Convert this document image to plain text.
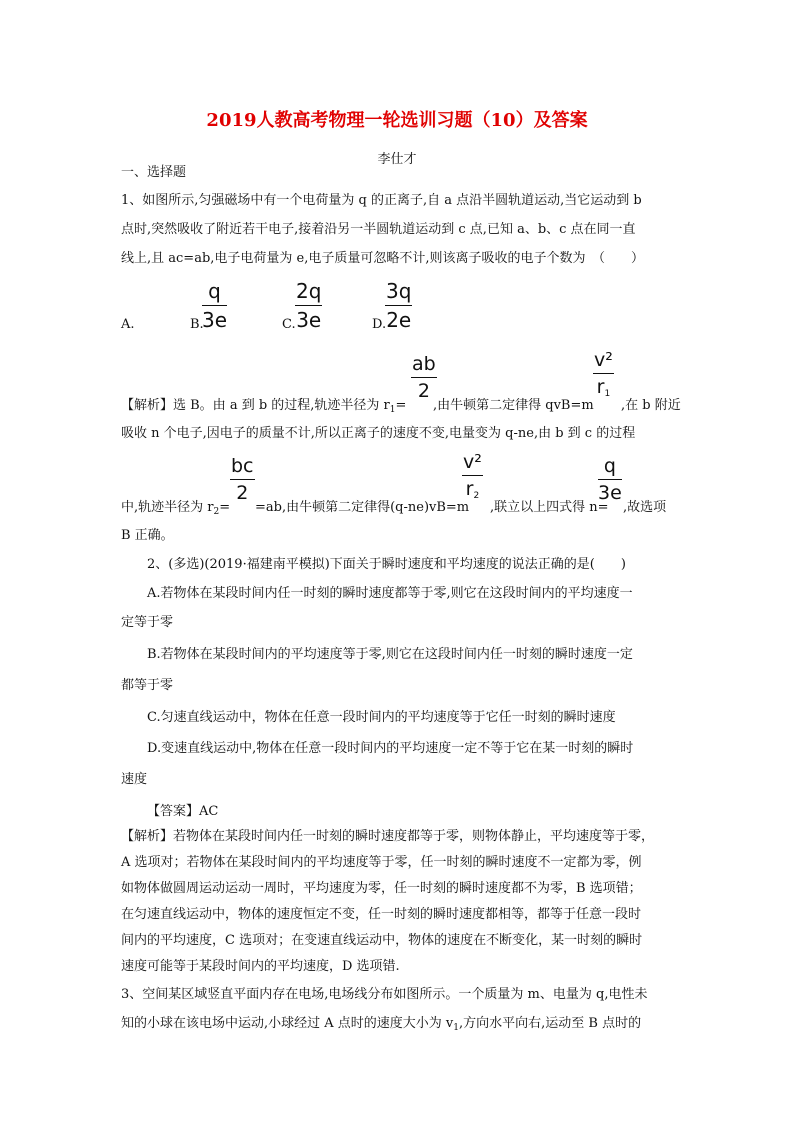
2019人教高考物理一轮选训习题（10）及答案
李仕才
一、选择题
1、如图所示,匀强磁场中有一个电荷量为 q 的正离子,自 a 点沿半圆轨道运动,当它运动到 b
点时,突然吸收了附近若干电子,接着沿另一半圆轨道运动到 c 点,已知 a、b、c 点在同一直
线上,且 ac=ab,电子电荷量为 e,电子质量可忽略不计,则该离子吸收的电子个数为　（　　）
A.	B.
$\frac{q}{3e}$	C. $\frac{2q}{3e}$	D.
$\frac{3q}{2e}$
【解析】选 B。由 a 到 b 的过程,轨迹半径为 $r_1=$
$\frac{ab}{2}$
,由牛顿第二定律得 qvB=m
$\frac{\text{v²}}{r_1}$
,在 b 附近
吸收 n 个电子,因电子的质量不计,所以正离子的速度不变,电量变为 q-ne,由 b 到 c 的过程
中,轨迹半径为 $r_2=$
$\frac{bc}{2}$
=ab,由牛顿第二定律得(q-ne)vB=m
$\frac{\text{v²}}{r_2}$
,联立以上四式得 n=
$\frac{q}{3e}$
,故选项
B 正确。
2、(多选)(2019·福建南平模拟)下面关于瞬时速度和平均速度的说法正确的是(　　)
A.若物体在某段时间内任一时刻的瞬时速度都等于零,则它在这段时间内的平均速度一
定等于零
B.若物体在某段时间内的平均速度等于零,则它在这段时间内任一时刻的瞬时速度一定
都等于零
C.匀速直线运动中，物体在任意一段时间内的平均速度等于它任一时刻的瞬时速度
D.变速直线运动中,物体在任意一段时间内的平均速度一定不等于它在某一时刻的瞬时
速度
【答案】AC
【解析】若物体在某段时间内任一时刻的瞬时速度都等于零，则物体静止，平均速度等于零，
A 选项对；若物体在某段时间内的平均速度等于零，任一时刻的瞬时速度不一定都为零，例
如物体做圆周运动运动一周时，平均速度为零，任一时刻的瞬时速度都不为零，B 选项错；
在匀速直线运动中，物体的速度恒定不变，任一时刻的瞬时速度都相等，都等于任意一段时
间内的平均速度，C 选项对；在变速直线运动中，物体的速度在不断变化，某一时刻的瞬时
速度可能等于某段时间内的平均速度，D 选项错.
3、空间某区域竖直平面内存在电场,电场线分布如图所示。一个质量为 m、电量为 q,电性未
知的小球在该电场中运动,小球经过 A 点时的速度大小为 $v_1$,方向水平向右,运动至 B 点时的
